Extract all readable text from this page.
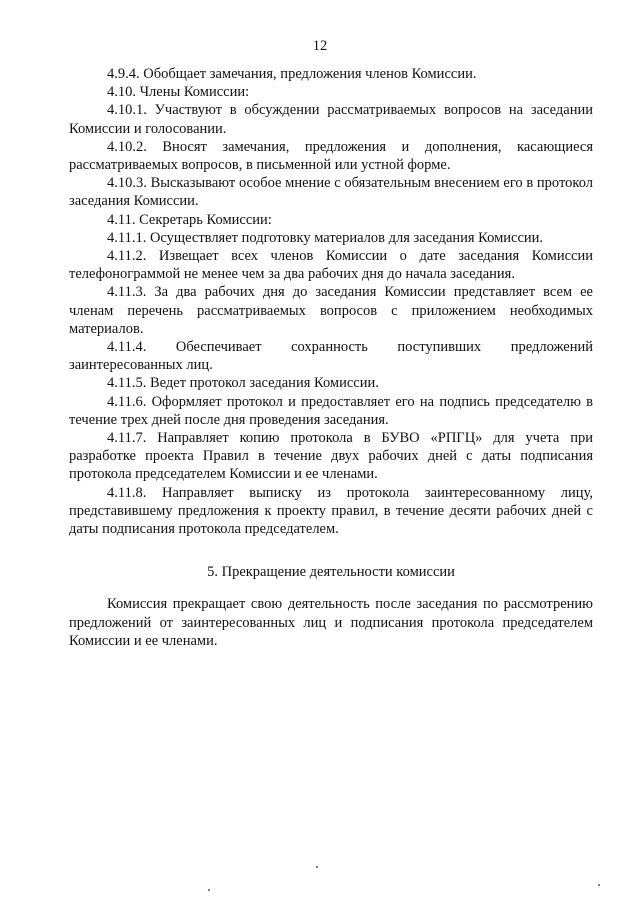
12

4.9.4. Обобщает замечания, предложения членов Комиссии.

4.10. Члены Комиссии:

4.10.1. Участвуют в обсуждении рассматриваемых вопросов на заседании Комиссии и голосовании.

4.10.2. Вносят замечания, предложения и дополнения, касающиеся рассматриваемых вопросов, в письменной или устной форме.

4.10.3. Высказывают особое мнение с обязательным внесением его в протокол заседания Комиссии.

4.11. Секретарь Комиссии:

4.11.1. Осуществляет подготовку материалов для заседания Комиссии.

4.11.2. Извещает всех членов Комиссии о дате заседания Комиссии телефонограммой не менее чем за два рабочих дня до начала заседания.

4.11.3. За два рабочих дня до заседания Комиссии представляет всем ее членам перечень рассматриваемых вопросов с приложением необходимых материалов.

4.11.4. Обеспечивает сохранность поступивших предложений заинтересованных лиц.

4.11.5. Ведет протокол заседания Комиссии.

4.11.6. Оформляет протокол и предоставляет его на подпись председателю в течение трех дней после дня проведения заседания.

4.11.7. Направляет копию протокола в БУВО «РПГЦ» для учета при разработке проекта Правил в течение двух рабочих дней с даты подписания протокола председателем Комиссии и ее членами.

4.11.8. Направляет выписку из протокола заинтересованному лицу, представившему предложения к проекту правил, в течение десяти рабочих дней с даты подписания протокола председателем.

5. Прекращение деятельности комиссии

Комиссия прекращает свою деятельность после заседания по рассмотрению предложений от заинтересованных лиц и подписания протокола председателем Комиссии и ее членами.
